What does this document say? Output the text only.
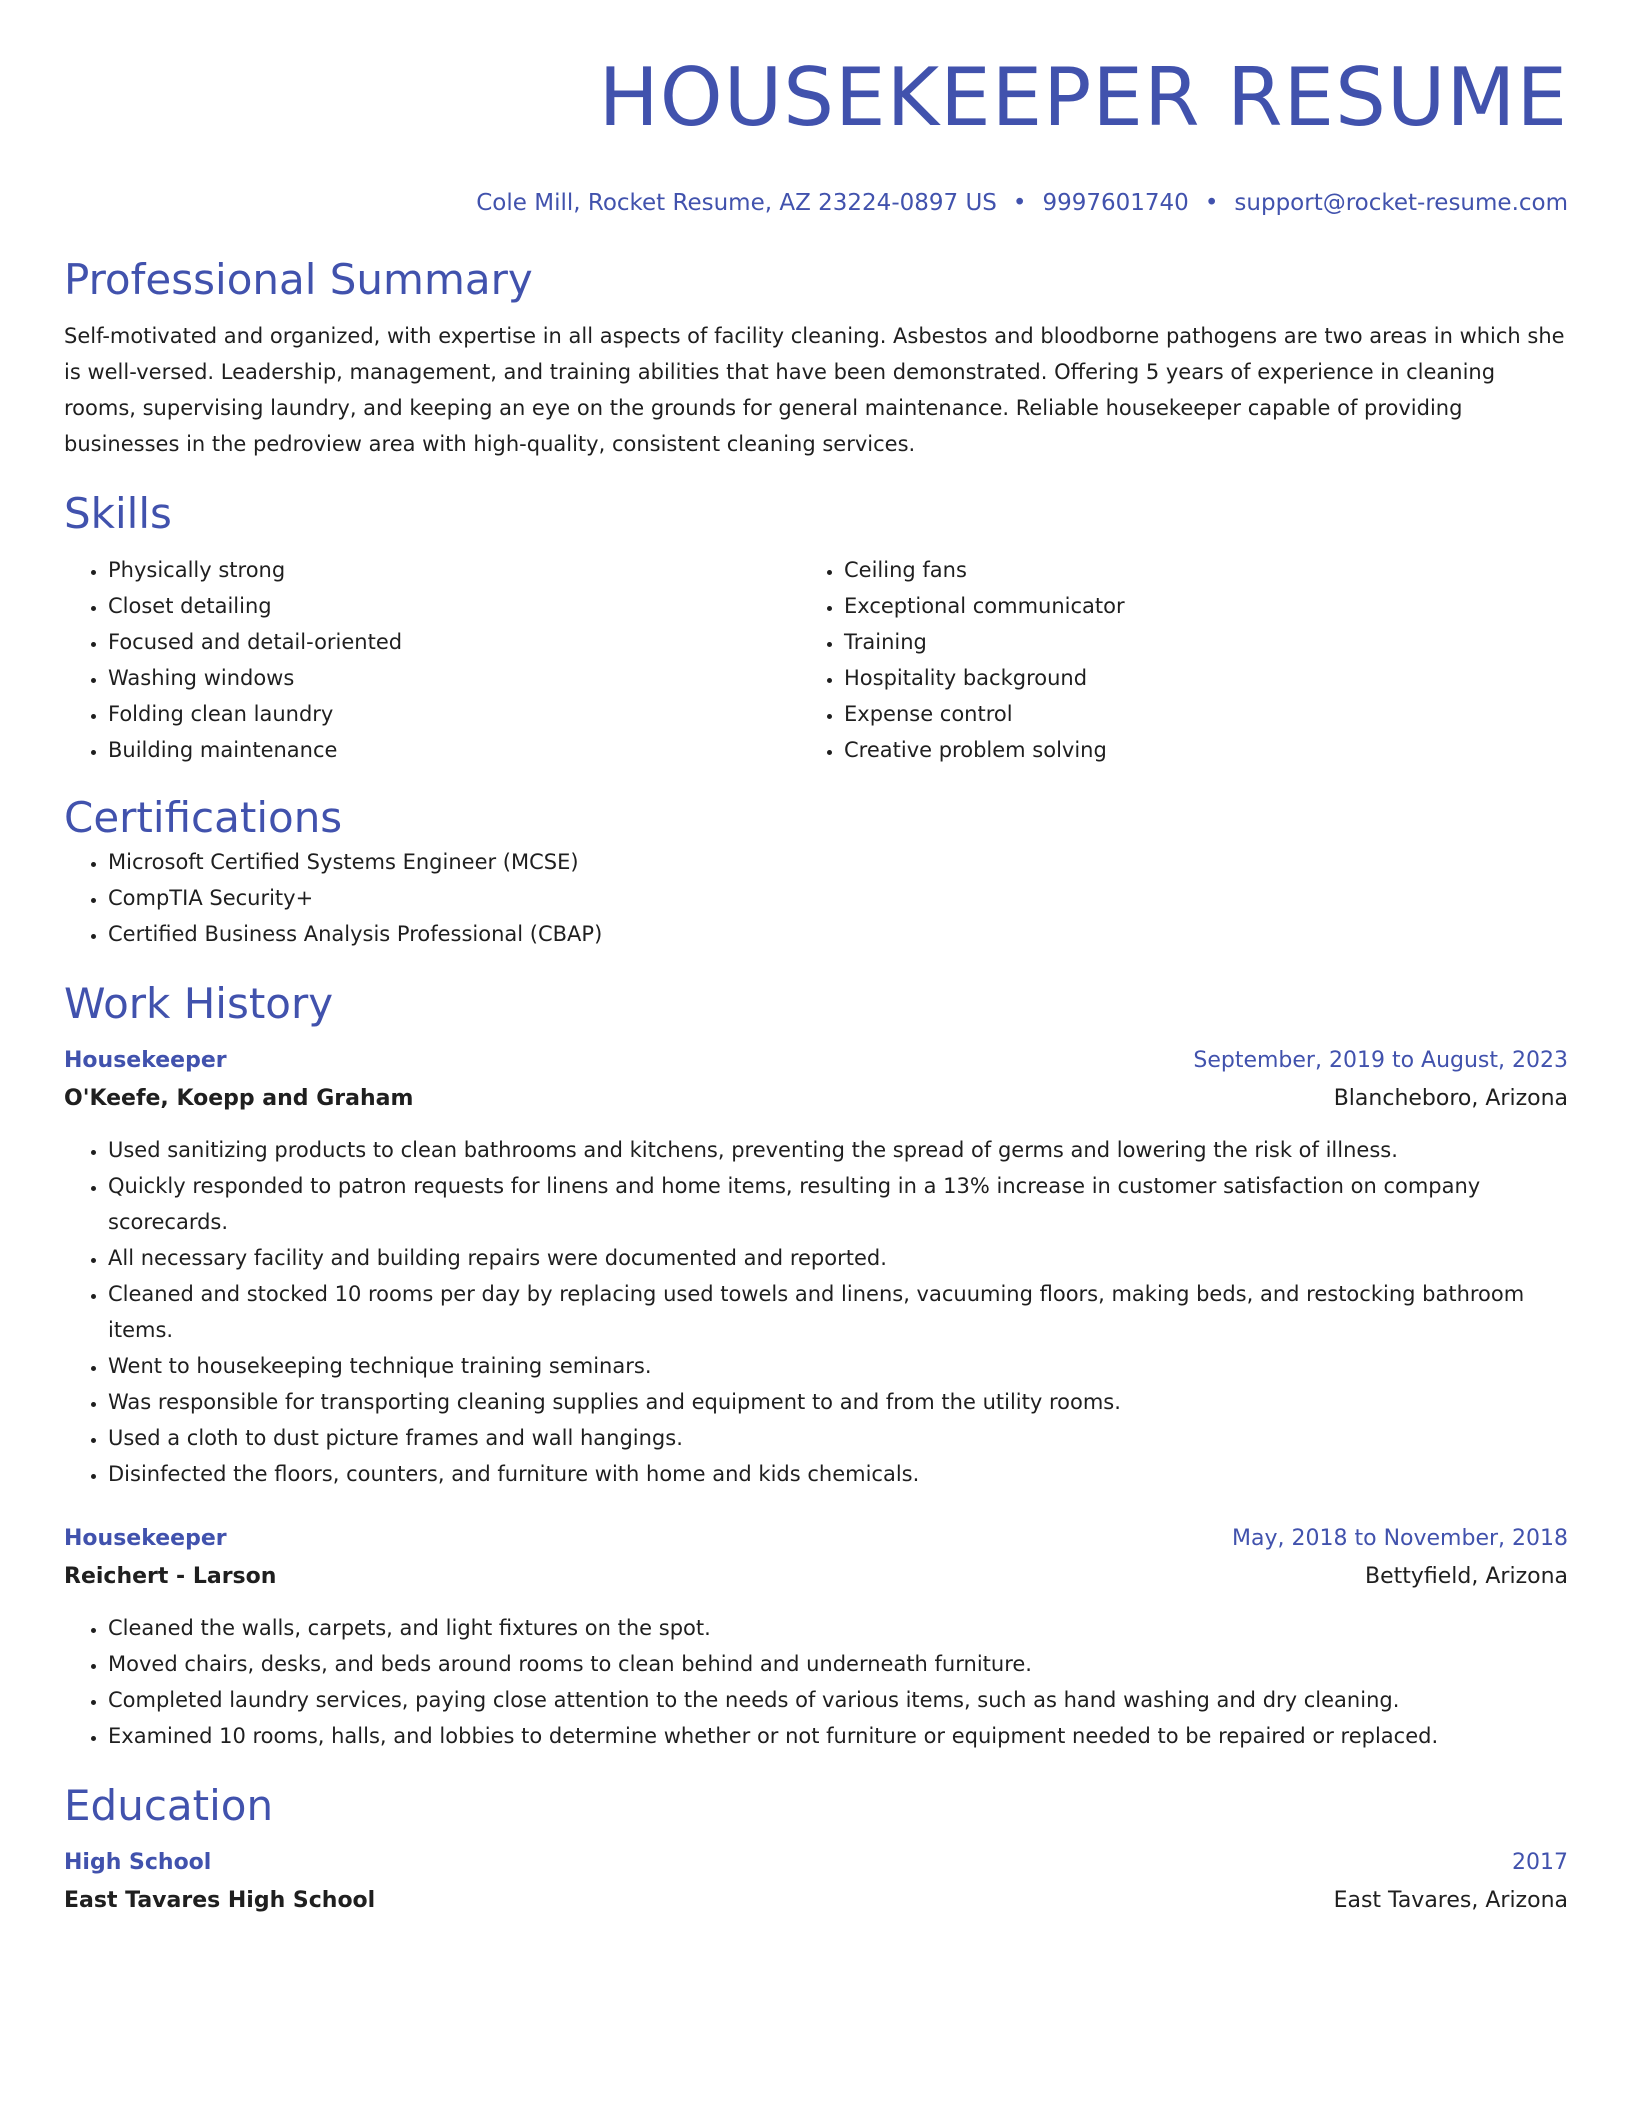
HOUSEKEEPER RESUME
Cole Mill, Rocket Resume, AZ 23224-0897 US • 9997601740 • support@rocket-resume.com
Professional Summary
Self-motivated and organized, with expertise in all aspects of facility cleaning. Asbestos and bloodborne pathogens are two areas in which she is well-versed. Leadership, management, and training abilities that have been demonstrated. Offering 5 years of experience in cleaning rooms, supervising laundry, and keeping an eye on the grounds for general maintenance. Reliable housekeeper capable of providing businesses in the pedroview area with high-quality, consistent cleaning services.
Skills
• Physically strong
• Closet detailing
• Focused and detail-oriented
• Washing windows
• Folding clean laundry
• Building maintenance
• Ceiling fans
• Exceptional communicator
• Training
• Hospitality background
• Expense control
• Creative problem solving
Certifications
• Microsoft Certified Systems Engineer (MCSE)
• CompTIA Security+
• Certified Business Analysis Professional (CBAP)
Work History
Housekeeper	September, 2019 to August, 2023
O'Keefe, Koepp and Graham	Blancheboro, Arizona
• Used sanitizing products to clean bathrooms and kitchens, preventing the spread of germs and lowering the risk of illness.
• Quickly responded to patron requests for linens and home items, resulting in a 13% increase in customer satisfaction on company scorecards.
• All necessary facility and building repairs were documented and reported.
• Cleaned and stocked 10 rooms per day by replacing used towels and linens, vacuuming floors, making beds, and restocking bathroom items.
• Went to housekeeping technique training seminars.
• Was responsible for transporting cleaning supplies and equipment to and from the utility rooms.
• Used a cloth to dust picture frames and wall hangings.
• Disinfected the floors, counters, and furniture with home and kids chemicals.
Housekeeper	May, 2018 to November, 2018
Reichert - Larson	Bettyfield, Arizona
• Cleaned the walls, carpets, and light fixtures on the spot.
• Moved chairs, desks, and beds around rooms to clean behind and underneath furniture.
• Completed laundry services, paying close attention to the needs of various items, such as hand washing and dry cleaning.
• Examined 10 rooms, halls, and lobbies to determine whether or not furniture or equipment needed to be repaired or replaced.
Education
High School	2017
East Tavares High School	East Tavares, Arizona
